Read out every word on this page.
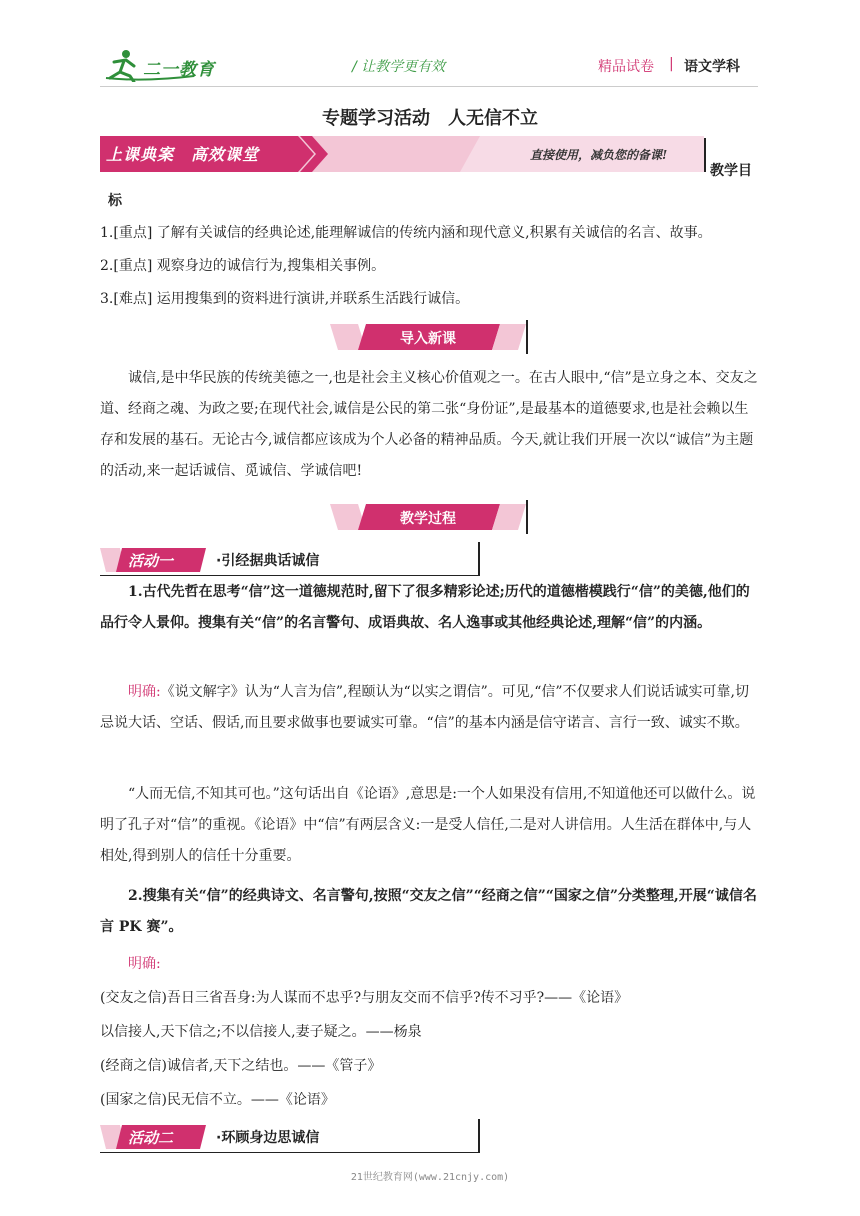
二一教育	/ 让教学更有效	精品试卷 | 语文学科
专题学习活动　人无信不立
上课典案　高效课堂	直接使用，减负您的备课!
教学目
标
1.[重点] 了解有关诚信的经典论述,能理解诚信的传统内涵和现代意义,积累有关诚信的名言、故事。
2.[重点] 观察身边的诚信行为,搜集相关事例。
3.[难点] 运用搜集到的资料进行演讲,并联系生活践行诚信。
导入新课
诚信,是中华民族的传统美德之一,也是社会主义核心价值观之一。在古人眼中,“信”是立身之本、交友之道、经商之魂、为政之要;在现代社会,诚信是公民的第二张“身份证”,是最基本的道德要求,也是社会赖以生存和发展的基石。无论古今,诚信都应该成为个人必备的精神品质。今天,就让我们开展一次以“诚信”为主题的活动,来一起话诚信、觅诚信、学诚信吧!
教学过程
活动一	·引经据典话诚信
1.古代先哲在思考“信”这一道德规范时,留下了很多精彩论述;历代的道德楷模践行“信”的美德,他们的品行令人景仰。搜集有关“信”的名言警句、成语典故、名人逸事或其他经典论述,理解“信”的内涵。
明确:《说文解字》认为“人言为信”,程颐认为“以实之谓信”。可见,“信”不仅要求人们说话诚实可靠,切忌说大话、空话、假话,而且要求做事也要诚实可靠。“信”的基本内涵是信守诺言、言行一致、诚实不欺。
“人而无信,不知其可也。”这句话出自《论语》,意思是:一个人如果没有信用,不知道他还可以做什么。说明了孔子对“信”的重视。《论语》中“信”有两层含义:一是受人信任,二是对人讲信用。人生活在群体中,与人相处,得到别人的信任十分重要。
2.搜集有关“信”的经典诗文、名言警句,按照“交友之信”“经商之信”“国家之信”分类整理,开展“诚信名言 PK 赛”。
明确:
(交友之信)吾日三省吾身:为人谋而不忠乎?与朋友交而不信乎?传不习乎?——《论语》
以信接人,天下信之;不以信接人,妻子疑之。——杨泉
(经商之信)诚信者,天下之结也。——《管子》
(国家之信)民无信不立。——《论语》
活动二	·环顾身边思诚信
21世纪教育网(www.21cnjy.com)
